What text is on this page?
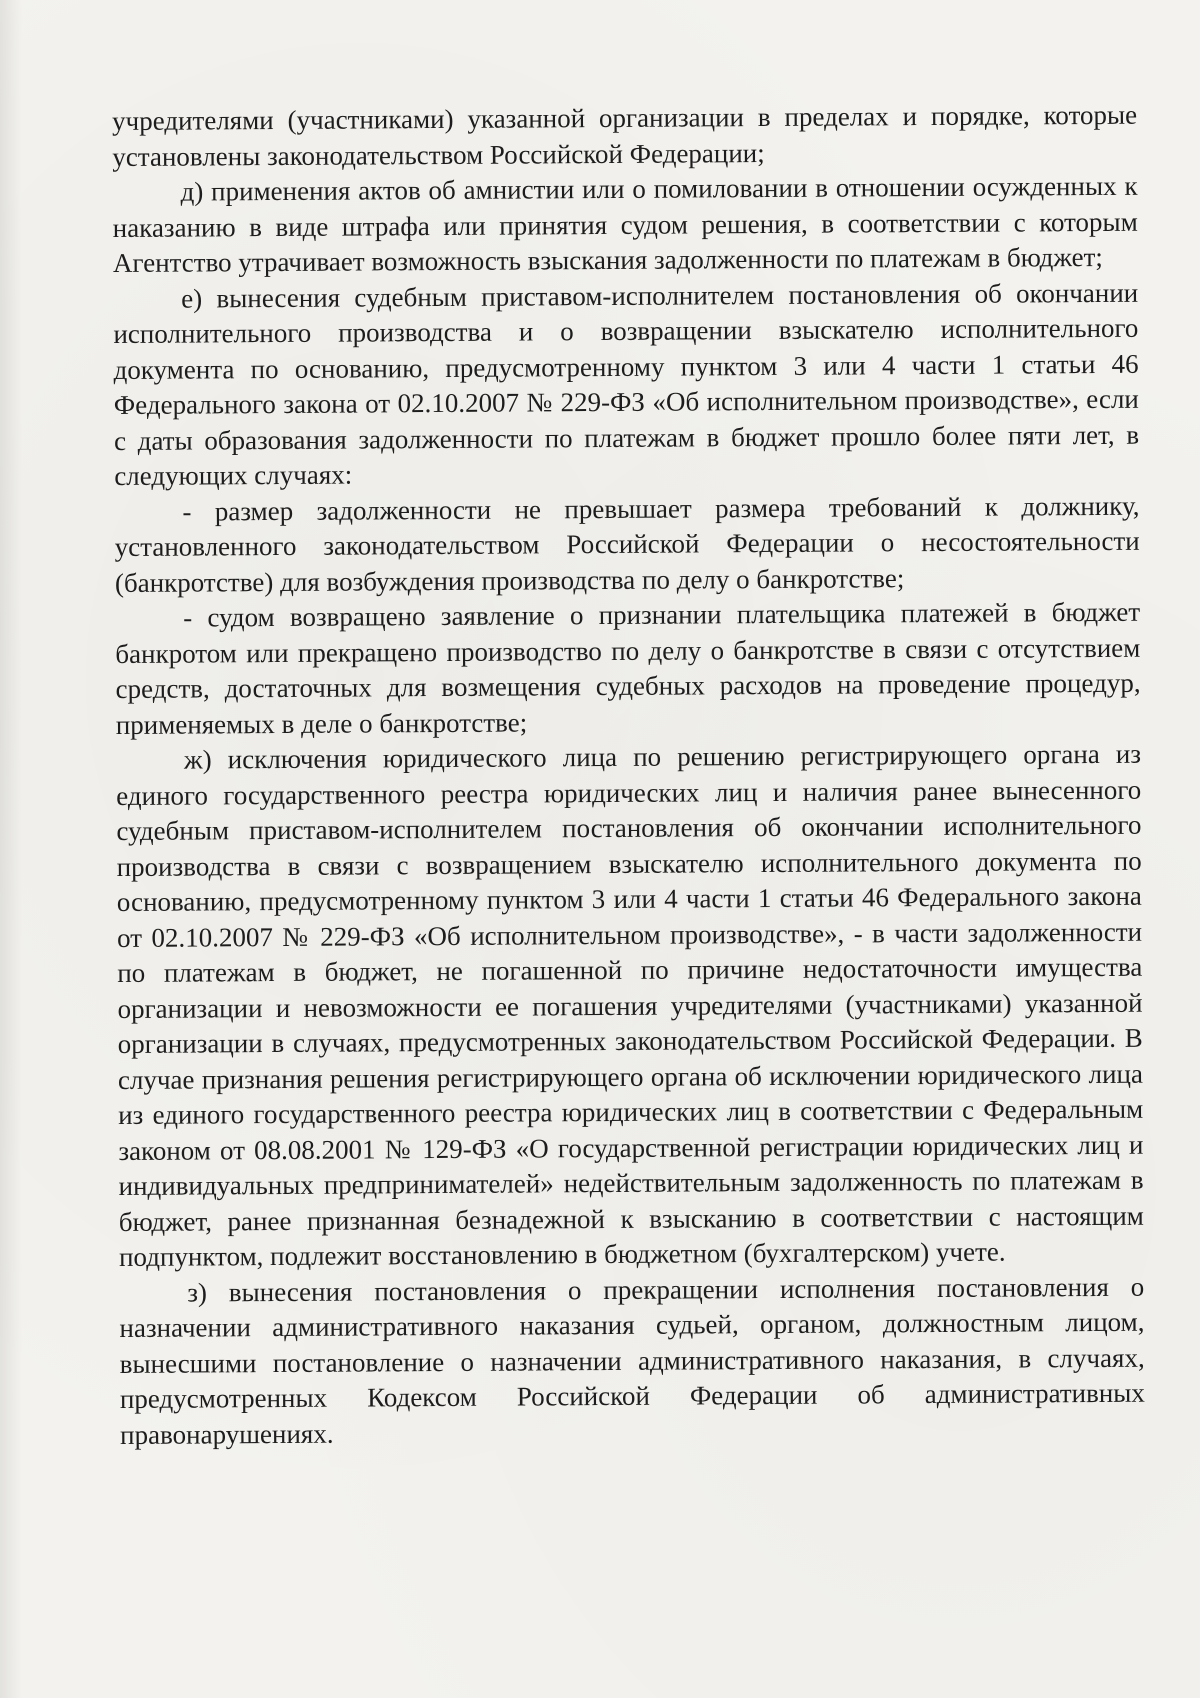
учредителями (участниками) указанной организации в пределах и порядке, которые установлены законодательством Российской Федерации;

д) применения актов об амнистии или о помиловании в отношении осужденных к наказанию в виде штрафа или принятия судом решения, в соответствии с которым Агентство утрачивает возможность взыскания задолженности по платежам в бюджет;

е) вынесения судебным приставом-исполнителем постановления об окончании исполнительного производства и о возвращении взыскателю исполнительного документа по основанию, предусмотренному пунктом 3 или 4 части 1 статьи 46 Федерального закона от 02.10.2007 № 229-ФЗ «Об исполнительном производстве», если с даты образования задолженности по платежам в бюджет прошло более пяти лет, в следующих случаях:

- размер задолженности не превышает размера требований к должнику, установленного законодательством Российской Федерации о несостоятельности (банкротстве) для возбуждения производства по делу о банкротстве;

- судом возвращено заявление о признании плательщика платежей в бюджет банкротом или прекращено производство по делу о банкротстве в связи с отсутствием средств, достаточных для возмещения судебных расходов на проведение процедур, применяемых в деле о банкротстве;

ж) исключения юридического лица по решению регистрирующего органа из единого государственного реестра юридических лиц и наличия ранее вынесенного судебным приставом-исполнителем постановления об окончании исполнительного производства в связи с возвращением взыскателю исполнительного документа по основанию, предусмотренному пунктом 3 или 4 части 1 статьи 46 Федерального закона от 02.10.2007 № 229-ФЗ «Об исполнительном производстве», - в части задолженности по платежам в бюджет, не погашенной по причине недостаточности имущества организации и невозможности ее погашения учредителями (участниками) указанной организации в случаях, предусмотренных законодательством Российской Федерации. В случае признания решения регистрирующего органа об исключении юридического лица из единого государственного реестра юридических лиц в соответствии с Федеральным законом от 08.08.2001 № 129-ФЗ «О государственной регистрации юридических лиц и индивидуальных предпринимателей» недействительным задолженность по платежам в бюджет, ранее признанная безнадежной к взысканию в соответствии с настоящим подпунктом, подлежит восстановлению в бюджетном (бухгалтерском) учете.

з) вынесения постановления о прекращении исполнения постановления о назначении административного наказания судьей, органом, должностным лицом, вынесшими постановление о назначении административного наказания, в случаях, предусмотренных Кодексом Российской Федерации об административных правонарушениях.
